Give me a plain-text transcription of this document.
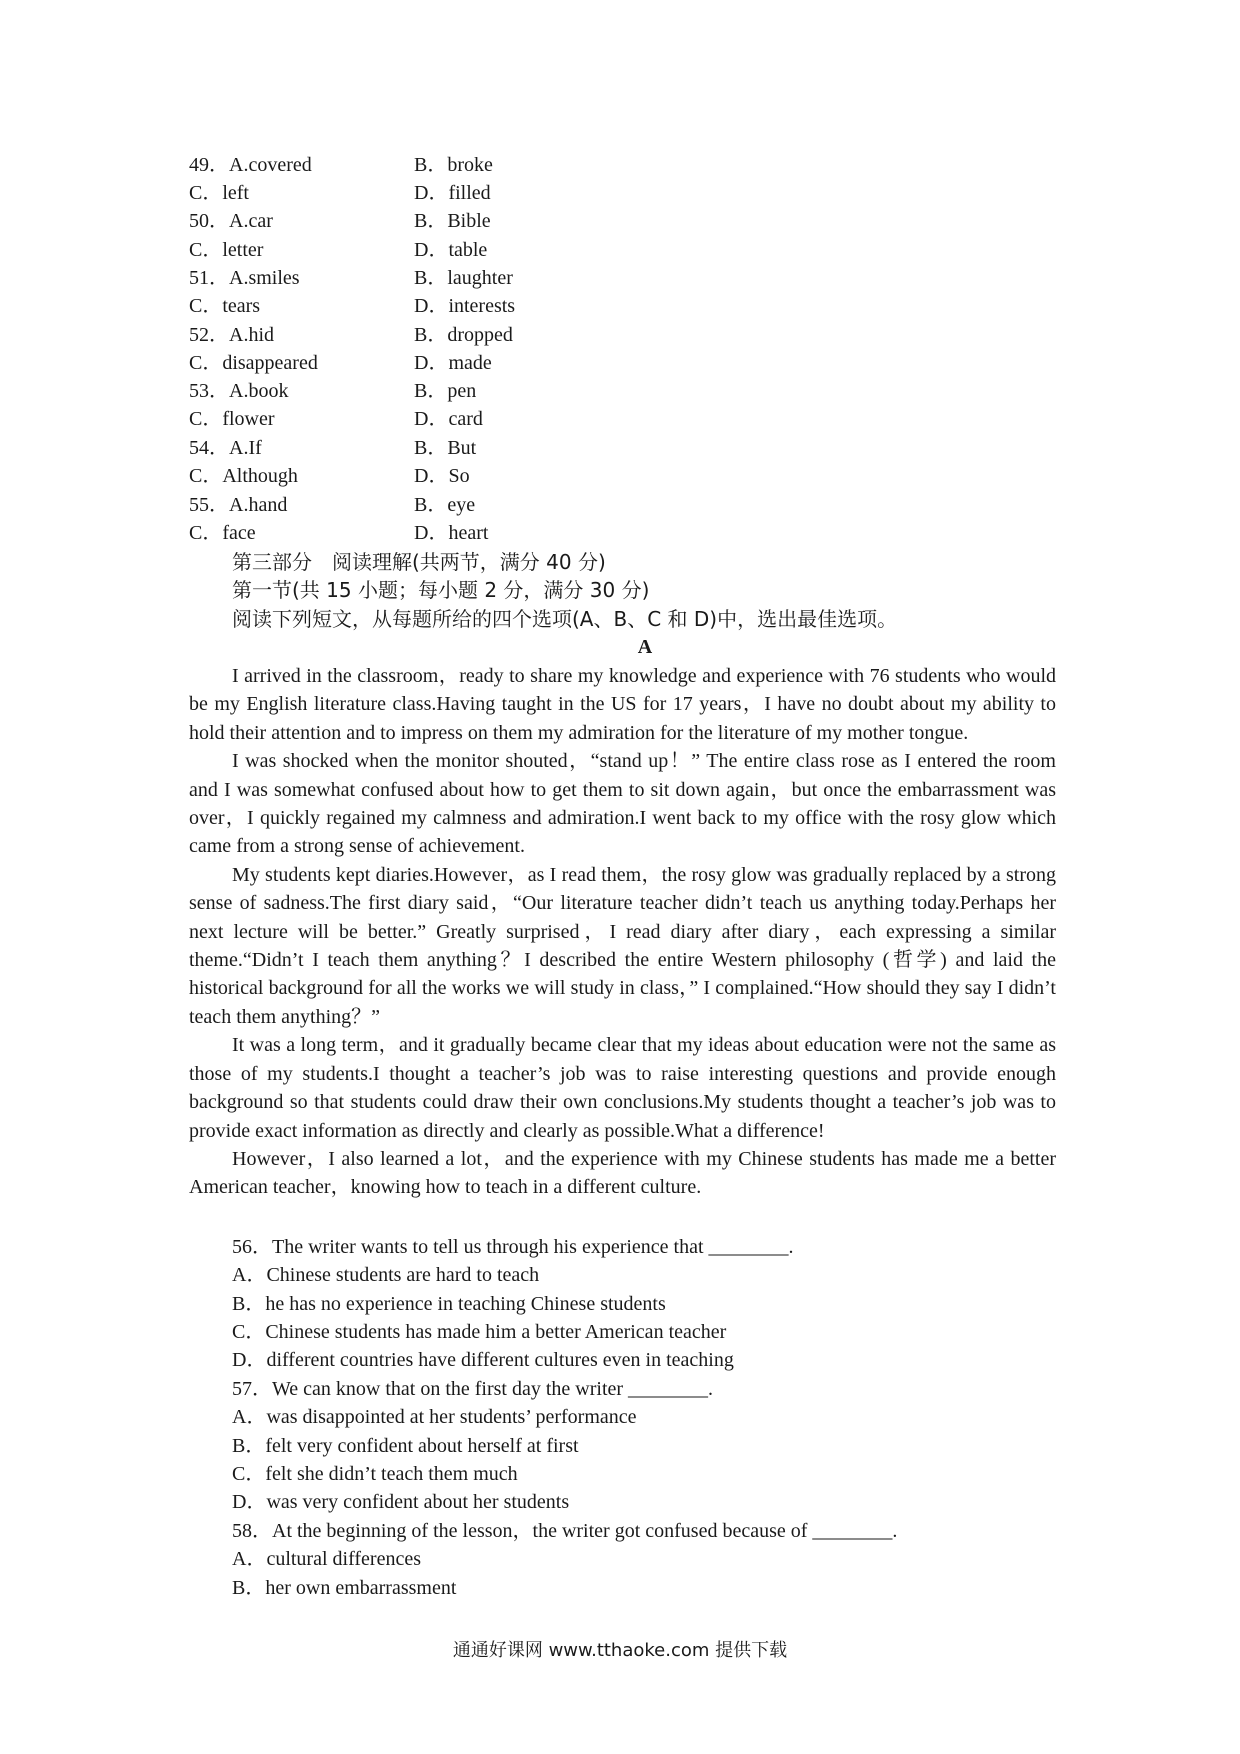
49．A.covered	B．broke
C．left	D．filled
50．A.car	B．Bible
C．letter	D．table
51．A.smiles	B．laughter
C．tears	D．interests
52．A.hid	B．dropped
C．disappeared	D．made
53．A.book	B．pen
C．flower	D．card
54．A.If	B．But
C．Although	D．So
55．A.hand	B．eye
C．face	D．heart
第三部分　阅读理解(共两节，满分 40 分)
第一节(共 15 小题；每小题 2 分，满分 30 分)
阅读下列短文，从每题所给的四个选项(A、B、C 和 D)中，选出最佳选项。
A

I arrived in the classroom，ready to share my knowledge and experience with 76 students who would be my English literature class.Having taught in the US for 17 years，I have no doubt about my ability to hold their attention and to impress on them my admiration for the literature of my mother tongue.

I was shocked when the monitor shouted，“stand up！” The entire class rose as I entered the room and I was somewhat confused about how to get them to sit down again，but once the embarrassment was over，I quickly regained my calmness and admiration.I went back to my office with the rosy glow which came from a strong sense of achievement.

My students kept diaries.However，as I read them，the rosy glow was gradually replaced by a strong sense of sadness.The first diary said，“Our literature teacher didn’t teach us anything today.Perhaps her next lecture will be better.” Greatly surprised，I read diary after diary，each expressing a similar theme.“Didn’t I teach them anything？I described the entire Western philosophy (哲学) and laid the historical background for all the works we will study in class，” I complained.“How should they say I didn’t teach them anything？”

It was a long term，and it gradually became clear that my ideas about education were not the same as those of my students.I thought a teacher’s job was to raise interesting questions and provide enough background so that students could draw their own conclusions.My students thought a teacher’s job was to provide exact information as directly and clearly as possible.What a difference!

However，I also learned a lot，and the experience with my Chinese students has made me a better American teacher，knowing how to teach in a different culture.

56．The writer wants to tell us through his experience that ________.
A．Chinese students are hard to teach
B．he has no experience in teaching Chinese students
C．Chinese students has made him a better American teacher
D．different countries have different cultures even in teaching
57．We can know that on the first day the writer ________.
A．was disappointed at her students’ performance
B．felt very confident about herself at first
C．felt she didn’t teach them much
D．was very confident about her students
58．At the beginning of the lesson，the writer got confused because of ________.
A．cultural differences
B．her own embarrassment
通通好课网 www.tthaoke.com 提供下载
